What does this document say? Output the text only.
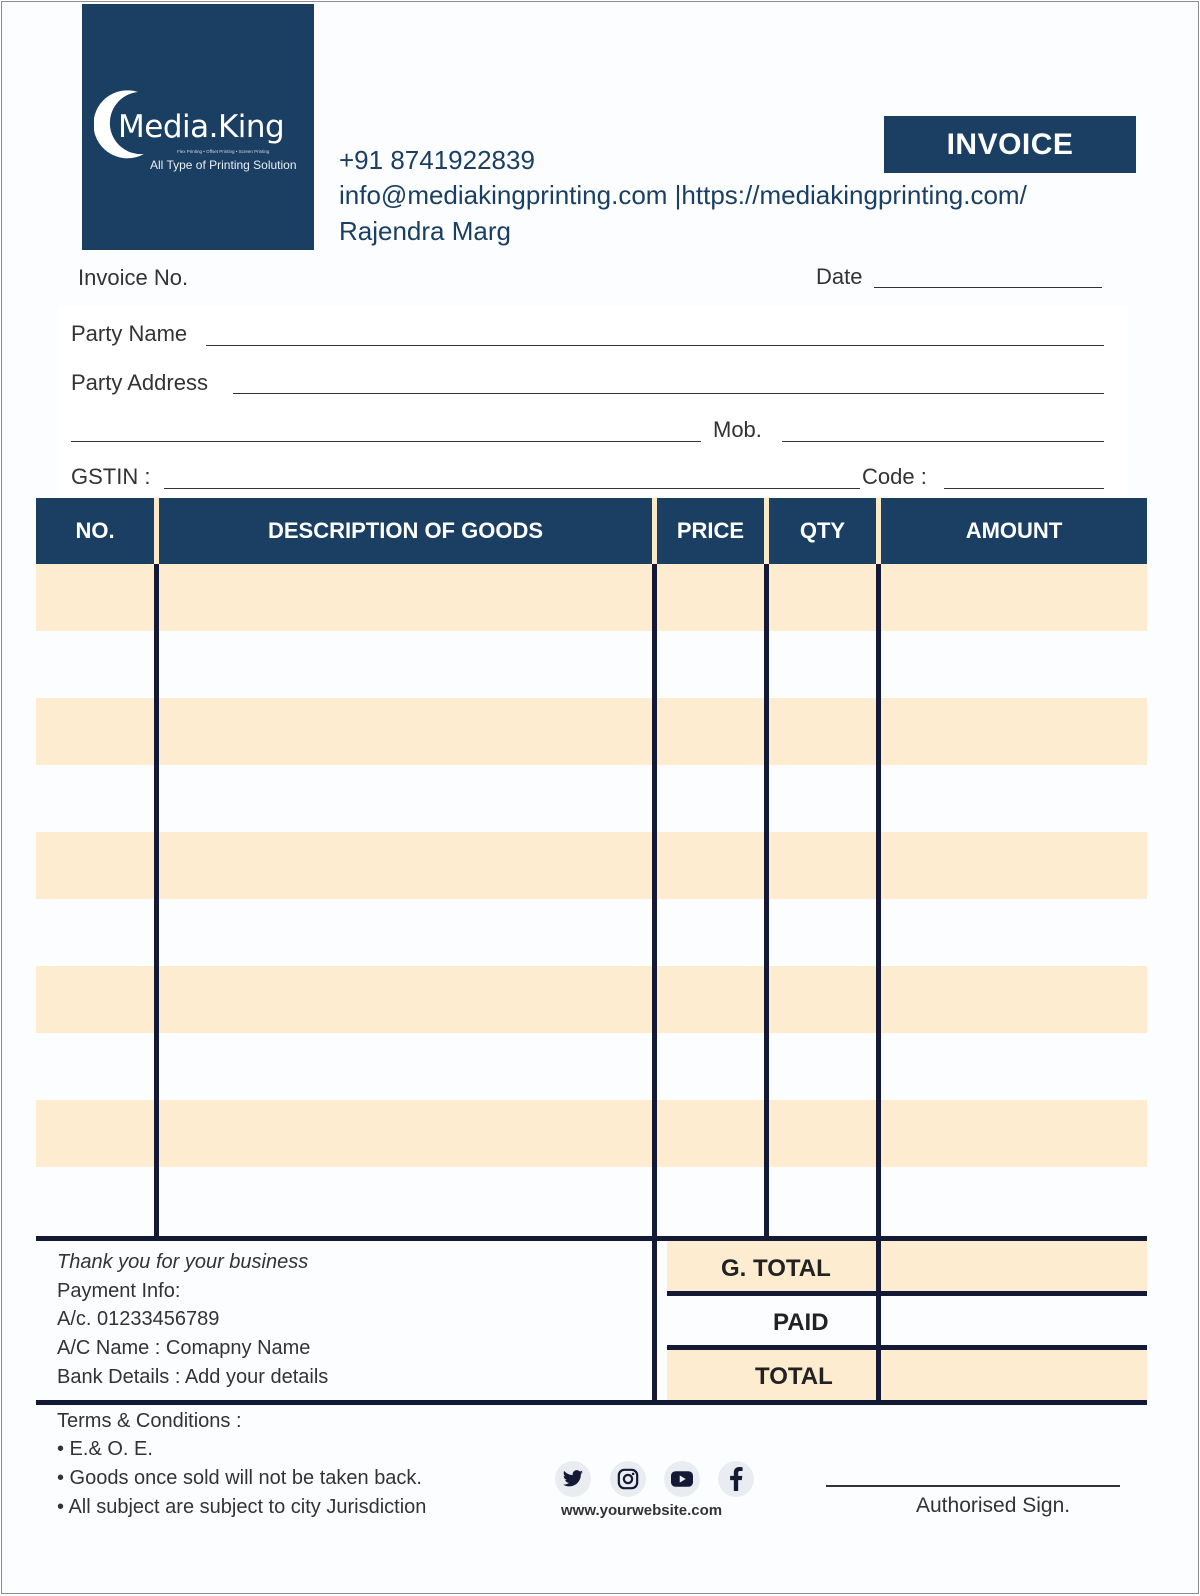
Media.King
Flex Printing • Offset Printing • Screen Printing
All Type of Printing Solution +91 8741922839
info@mediakingprinting.com |https://mediakingprinting.com/
Rajendra Marg
INVOICE
Invoice No.	Date
Party Name
Party Address
Mob.
GSTIN :	Code :
NO.	DESCRIPTION OF GOODS	PRICE	QTY	AMOUNT
Thank you for your business
Payment Info:
A/c. 01233456789
A/C Name : Comapny Name
Bank Details : Add your details
G. TOTAL
PAID
TOTAL
Terms & Conditions :
• E.& O. E.
• Goods once sold will not be taken back.
• All subject are subject to city Jurisdiction	www.yourwebsite.com	Authorised Sign.
